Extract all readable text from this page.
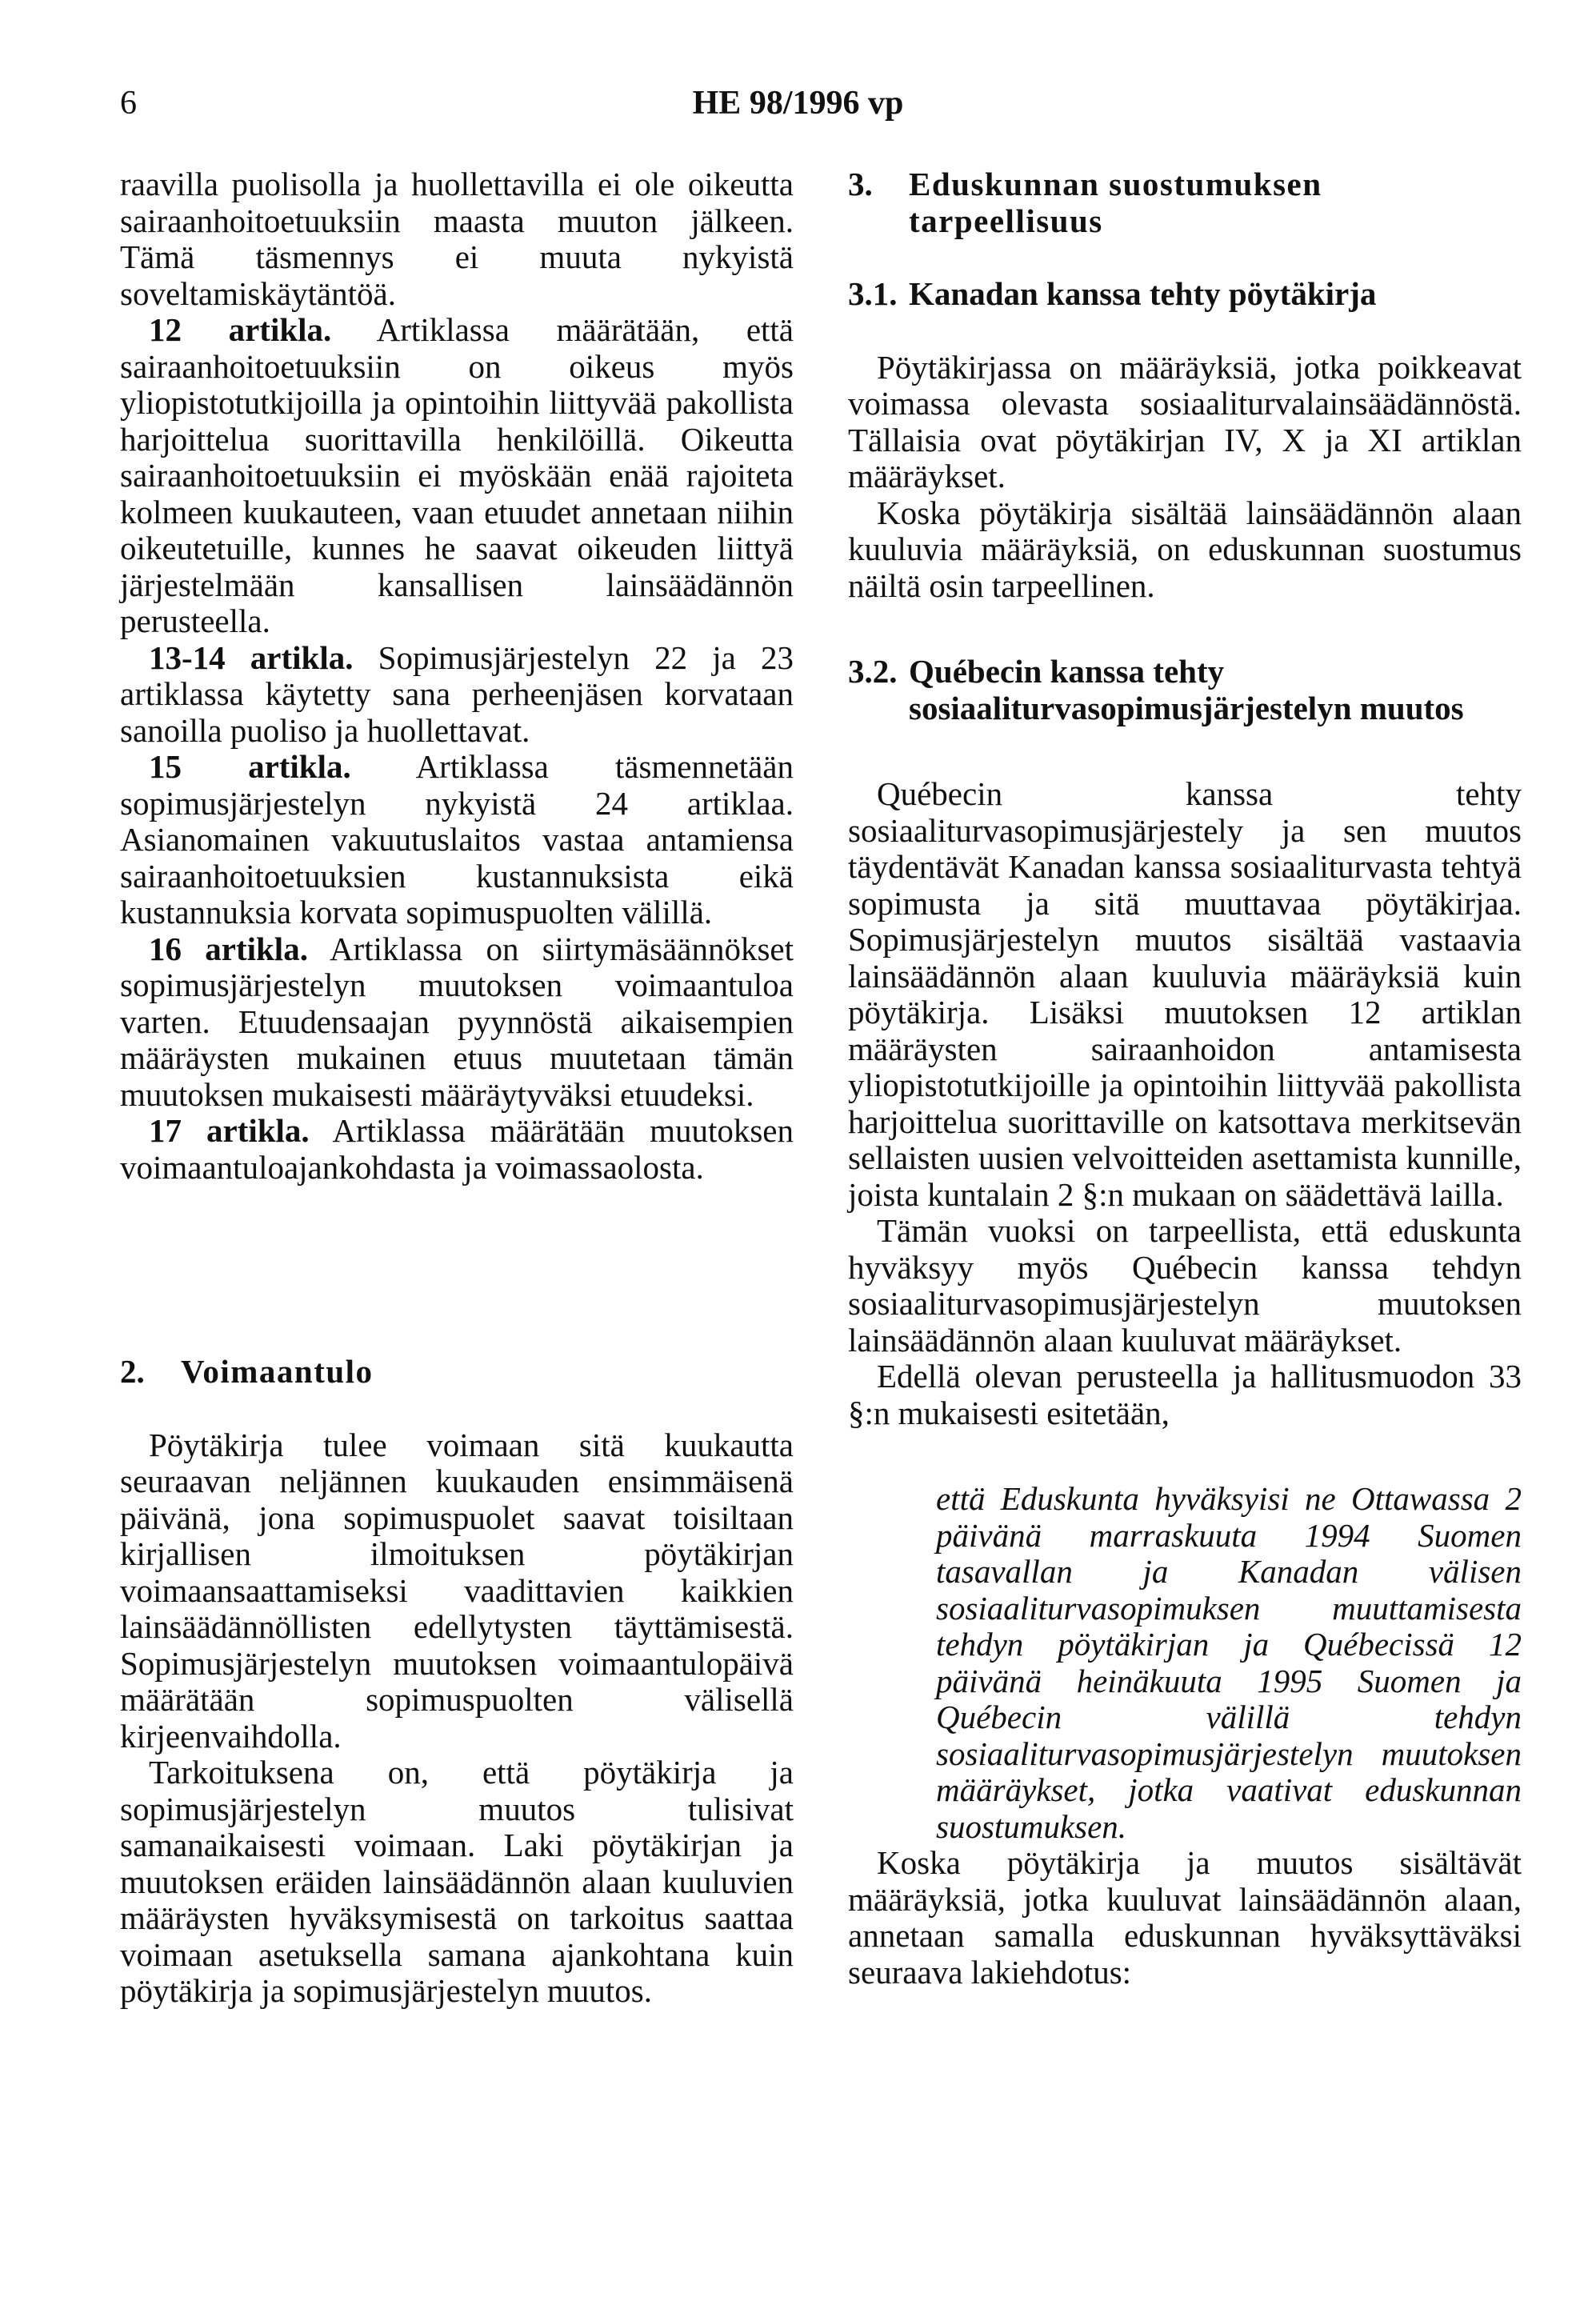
6	HE 98/1996 vp

raavilla puolisolla ja huollettavilla ei ole oikeutta sairaanhoitoetuuksiin maasta muuton jälkeen. Tämä täsmennys ei muuta nykyistä soveltamiskäytäntöä.

12 artikla. Artiklassa määrätään, että sairaanhoitoetuuksiin on oikeus myös yliopistotutkijoilla ja opintoihin liittyvää pakollista harjoittelua suorittavilla henkilöillä. Oikeutta sairaanhoitoetuuksiin ei myöskään enää rajoiteta kolmeen kuukauteen, vaan etuudet annetaan niihin oikeutetuille, kunnes he saavat oikeuden liittyä järjestelmään kansallisen lainsäädännön perusteella.

13-14 artikla. Sopimusjärjestelyn 22 ja 23 artiklassa käytetty sana perheenjäsen korvataan sanoilla puoliso ja huollettavat.

15 artikla. Artiklassa täsmennetään sopimusjärjestelyn nykyistä 24 artiklaa. Asianomainen vakuutuslaitos vastaa antamiensa sairaanhoitoetuuksien kustannuksista eikä kustannuksia korvata sopimuspuolten välillä.

16 artikla. Artiklassa on siirtymäsäännökset sopimusjärjestelyn muutoksen voimaantuloa varten. Etuudensaajan pyynnöstä aikaisempien määräysten mukainen etuus muutetaan tämän muutoksen mukaisesti määräytyväksi etuudeksi.

17 artikla. Artiklassa määrätään muutoksen voimaantuloajankohdasta ja voimassaolosta.

2.	Voimaantulo

Pöytäkirja tulee voimaan sitä kuukautta seuraavan neljännen kuukauden ensimmäisenä päivänä, jona sopimuspuolet saavat toisiltaan kirjallisen ilmoituksen pöytäkirjan voimaansaattamiseksi vaadittavien kaikkien lainsäädännöllisten edellytysten täyttämisestä. Sopimusjärjestelyn muutoksen voimaantulopäivä määrätään sopimuspuolten välisellä kirjeenvaihdolla.

Tarkoituksena on, että pöytäkirja ja sopimusjärjestelyn muutos tulisivat samanaikaisesti voimaan. Laki pöytäkirjan ja muutoksen eräiden lainsäädännön alaan kuuluvien määräysten hyväksymisestä on tarkoitus saattaa voimaan asetuksella samana ajankohtana kuin pöytäkirja ja sopimusjärjestelyn muutos.

3.	Eduskunnan suostumuksen tarpeellisuus
3.1. Kanadan kanssa tehty pöytäkirja

Pöytäkirjassa on määräyksiä, jotka poikkeavat voimassa olevasta sosiaaliturvalainsäädännöstä. Tällaisia ovat pöytäkirjan IV, X ja XI artiklan määräykset.

Koska pöytäkirja sisältää lainsäädännön alaan kuuluvia määräyksiä, on eduskunnan suostumus näiltä osin tarpeellinen.

3.2. Québecin kanssa tehty sosiaaliturvasopimusjärjestelyn muutos

Québecin kanssa tehty sosiaaliturvasopimusjärjestely ja sen muutos täydentävät Kanadan kanssa sosiaaliturvasta tehtyä sopimusta ja sitä muuttavaa pöytäkirjaa. Sopimusjärjestelyn muutos sisältää vastaavia lainsäädännön alaan kuuluvia määräyksiä kuin pöytäkirja. Lisäksi muutoksen 12 artiklan määräysten sairaanhoidon antamisesta yliopistotutkijoille ja opintoihin liittyvää pakollista harjoittelua suorittaville on katsottava merkitsevän sellaisten uusien velvoitteiden asettamista kunnille, joista kuntalain 2 §:n mukaan on säädettävä lailla.

Tämän vuoksi on tarpeellista, että eduskunta hyväksyy myös Québecin kanssa tehdyn sosiaaliturvasopimusjärjestelyn muutoksen lainsäädännön alaan kuuluvat määräykset.

Edellä olevan perusteella ja hallitusmuodon 33 §:n mukaisesti esitetään,

että Eduskunta hyväksyisi ne Ottawassa 2 päivänä marraskuuta 1994 Suomen tasavallan ja Kanadan välisen sosiaaliturvasopimuksen muuttamisesta tehdyn pöytäkirjan ja Québecissä 12 päivänä heinäkuuta 1995 Suomen ja Québecin välillä tehdyn sosiaaliturvasopimusjärjestelyn muutoksen määräykset, jotka vaativat eduskunnan suostumuksen.

Koska pöytäkirja ja muutos sisältävät määräyksiä, jotka kuuluvat lainsäädännön alaan, annetaan samalla eduskunnan hyväksyttäväksi seuraava lakiehdotus:
